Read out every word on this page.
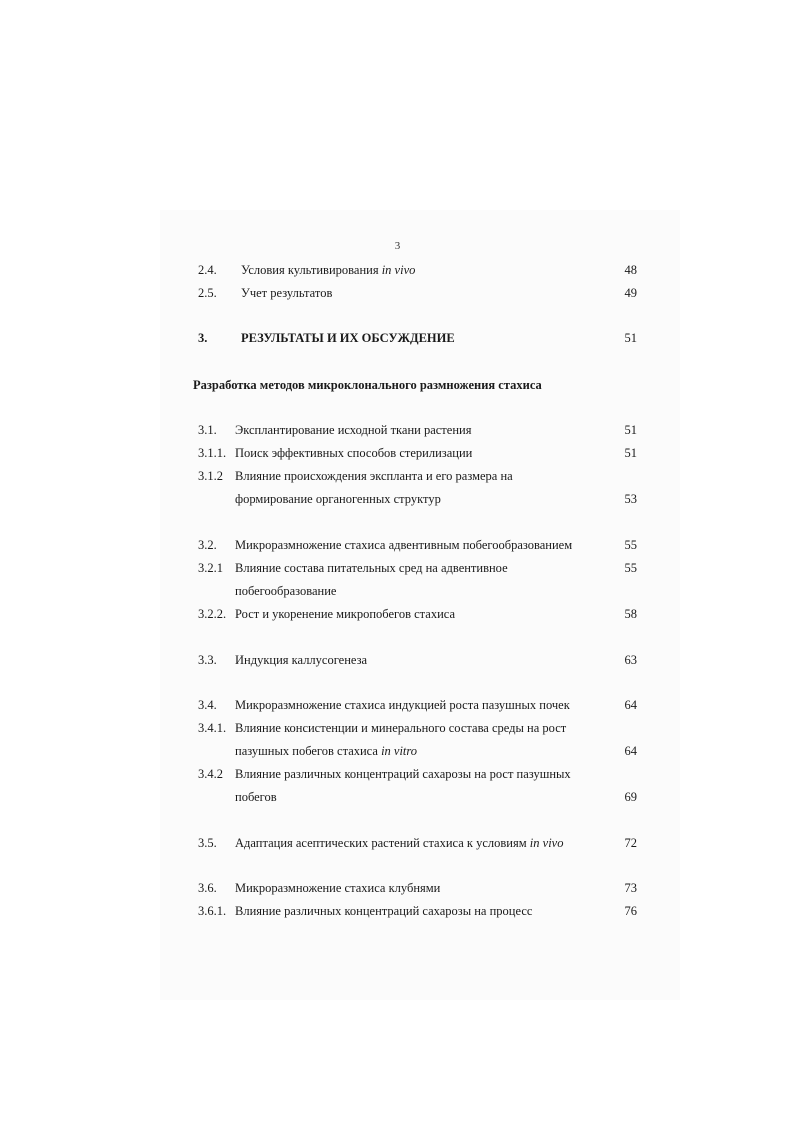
3
2.4. Условия культивирования in vivo	48
2.5. Учет результатов	49
3.	РЕЗУЛЬТАТЫ И ИХ ОБСУЖДЕНИЕ	51
Разработка методов микроклонального размножения стахиса
3.1. Эксплантирование исходной ткани растения	51
3.1.1. Поиск эффективных способов стерилизации	51
3.1.2 Влияние происхождения экспланта и его размера на
формирование органогенных структур	53
3.2. Микроразмножение стахиса адвентивным побегообразованием	55
3.2.1 Влияние состава питательных сред на адвентивное	55
побегообразование
3.2.2. Рост и укоренение микропобегов стахиса	58
3.3. Индукция каллусогенеза	63
3.4. Микроразмножение стахиса индукцией роста пазушных почек	64
3.4.1. Влияние консистенции и минерального состава среды на рост
пазушных побегов стахиса in vitro	64
3.4.2 Влияние различных концентраций сахарозы на рост пазушных
побегов	69
3.5. Адаптация асептических растений стахиса к условиям in vivo	72
3.6. Микроразмножение стахиса клубнями	73
3.6.1. Влияние различных концентраций сахарозы на процесс	76
